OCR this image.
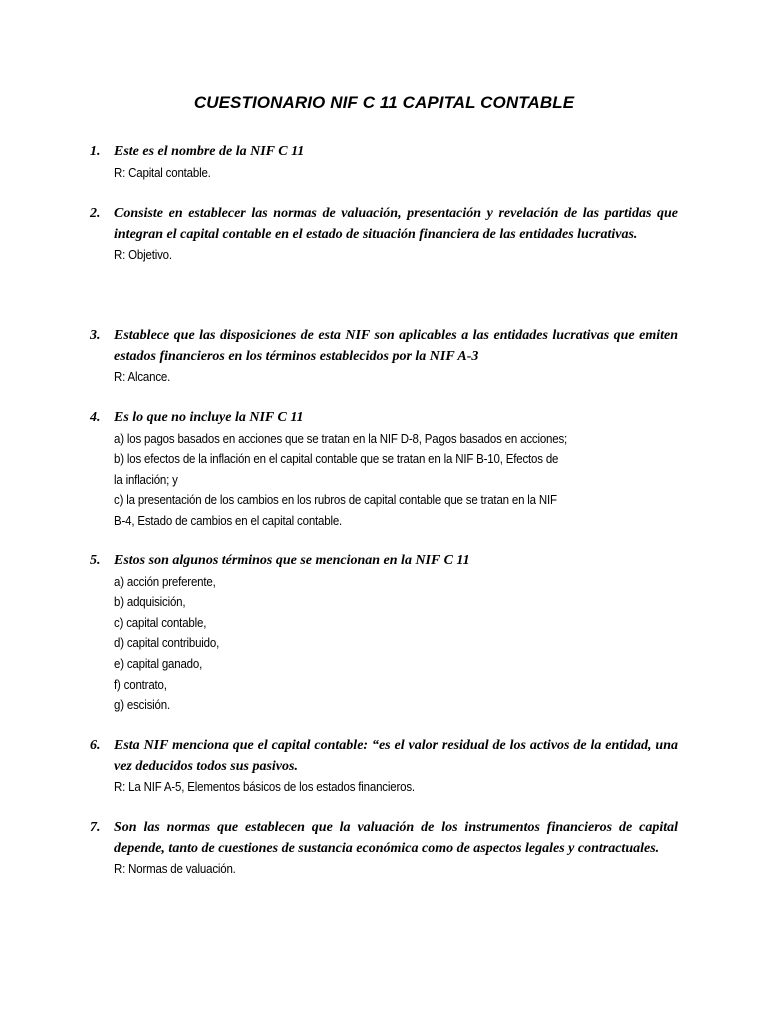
CUESTIONARIO NIF C 11 CAPITAL CONTABLE
1. Este es el nombre de la NIF C 11
R: Capital contable.
2. Consiste en establecer las normas de valuación, presentación y revelación de las partidas que integran el capital contable en el estado de situación financiera de las entidades lucrativas.
R: Objetivo.
3. Establece que las disposiciones de esta NIF son aplicables a las entidades lucrativas que emiten estados financieros en los términos establecidos por la NIF A-3
R: Alcance.
4. Es lo que no incluye la NIF C 11
a) los pagos basados en acciones que se tratan en la NIF D-8, Pagos basados en acciones;
b) los efectos de la inflación en el capital contable que se tratan en la NIF B-10, Efectos de
la inflación; y
c) la presentación de los cambios en los rubros de capital contable que se tratan en la NIF
B-4, Estado de cambios en el capital contable.
5. Estos son algunos términos que se mencionan en la NIF C 11
a) acción preferente,
b) adquisición,
c) capital contable,
d) capital contribuido,
e) capital ganado,
f) contrato,
g) escisión.
6. Esta NIF menciona que el capital contable: “es el valor residual de los activos de la entidad, una vez deducidos todos sus pasivos.
R: La NIF A-5, Elementos básicos de los estados financieros.
7. Son las normas que establecen que la valuación de los instrumentos financieros de capital depende, tanto de cuestiones de sustancia económica como de aspectos legales y contractuales.
R: Normas de valuación.
